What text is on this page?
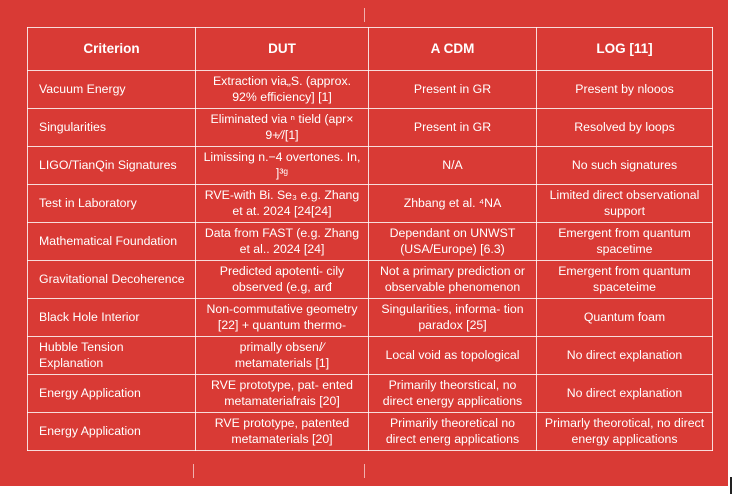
Criterion	DUT	A CDM	LOG [11]
Vacuum Energy	Extraction via„S. (approx. 92% efficiency] [1]	Present in GR	Present by nlooos
Singularities	Eliminated via ⁿ tield (apr× 9+⁄/[1]	Present in GR	Resolved by loops
LIGO/TianQin Signatures	Limissing n.−4 overtones. In, ]³ᵍ	N/A	No such signatures
Test in Laboratory	RVE-with Bi. Se₃ e.g. Zhang et at. 2024 [24[24]	Zhbang et al. ⁴NA	Limited direct observational support
Mathematical Foundation	Data from FAST (e.g. Zhang et al.. 2024 [24]	Dependant on UNWST (USA/Europe) [6.3)	Emergent from quantum spacetime
Gravitational Decoherence	Predicted apotenti- cily observed (e.g, arđ	Not a primary prediction or observable phenomenon	Emergent from quantum spaceteime
Black Hole Interior	Non-commutative geometry [22] + quantum thermo-	Singularities, informa- tion paradox [25]	Quantum foam
Hubble Tension Explanation	primally obsen/⁄ metamaterials [1]	Local void as topological	No direct explanation
Energy Application	RVE prototype, pat- ented metamateriafrais [20]	Primarily theorstical, no direct energy applications	No direct explanation
Energy Application	RVE prototype, patented metamaterials [20]	Primarily theoretical no direct energ applications	Primarly theorotical, no direct energy applications
